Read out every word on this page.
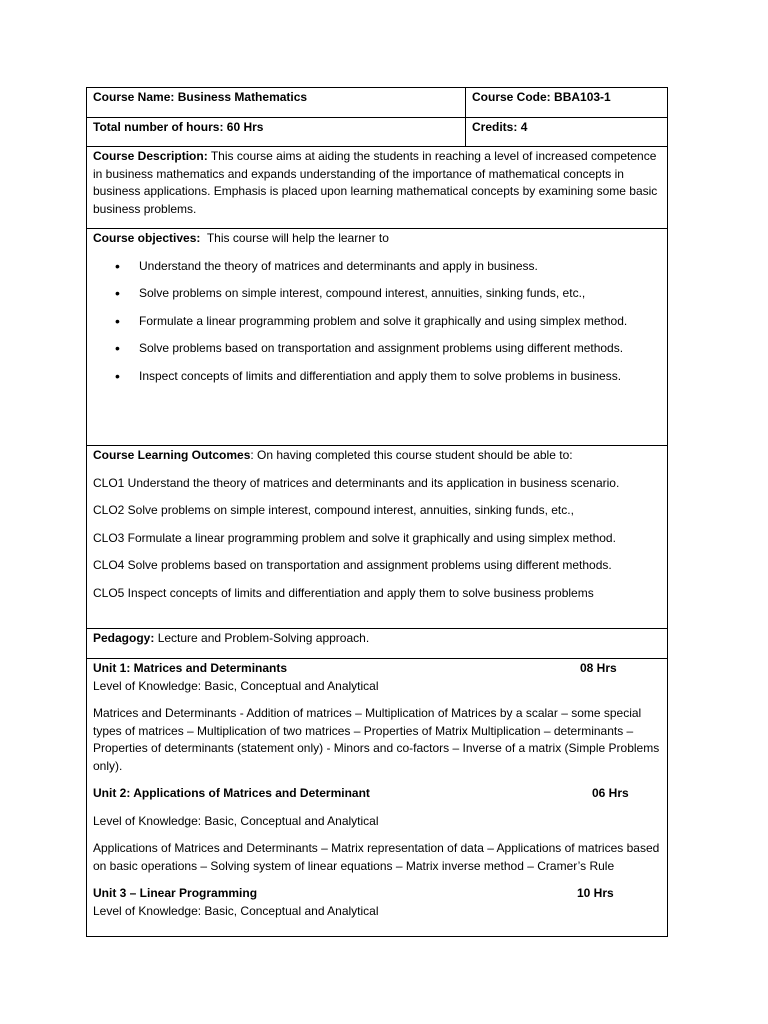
Course Name: Business Mathematics	Course Code: BBA103-1
Total number of hours: 60 Hrs	Credits: 4

Course Description: This course aims at aiding the students in reaching a level of increased competence in business mathematics and expands understanding of the importance of mathematical concepts in business applications. Emphasis is placed upon learning mathematical concepts by examining some basic business problems.

Course objectives: This course will help the learner to

• Understand the theory of matrices and determinants and apply in business.
• Solve problems on simple interest, compound interest, annuities, sinking funds, etc.,
• Formulate a linear programming problem and solve it graphically and using simplex method.
• Solve problems based on transportation and assignment problems using different methods.
• Inspect concepts of limits and differentiation and apply them to solve problems in business.

Course Learning Outcomes: On having completed this course student should be able to:

CLO1 Understand the theory of matrices and determinants and its application in business scenario.

CLO2 Solve problems on simple interest, compound interest, annuities, sinking funds, etc.,

CLO3 Formulate a linear programming problem and solve it graphically and using simplex method.

CLO4 Solve problems based on transportation and assignment problems using different methods.

CLO5 Inspect concepts of limits and differentiation and apply them to solve business problems

Pedagogy: Lecture and Problem-Solving approach.

Unit 1: Matrices and Determinants	08 Hrs

Level of Knowledge: Basic, Conceptual and Analytical

Matrices and Determinants - Addition of matrices – Multiplication of Matrices by a scalar – some special types of matrices – Multiplication of two matrices – Properties of Matrix Multiplication – determinants –Properties of determinants (statement only) - Minors and co-factors – Inverse of a matrix (Simple Problems only).

Unit 2: Applications of Matrices and Determinant	06 Hrs

Level of Knowledge: Basic, Conceptual and Analytical

Applications of Matrices and Determinants – Matrix representation of data – Applications of matrices based on basic operations – Solving system of linear equations – Matrix inverse method – Cramer’s Rule

Unit 3 – Linear Programming	10 Hrs

Level of Knowledge: Basic, Conceptual and Analytical
